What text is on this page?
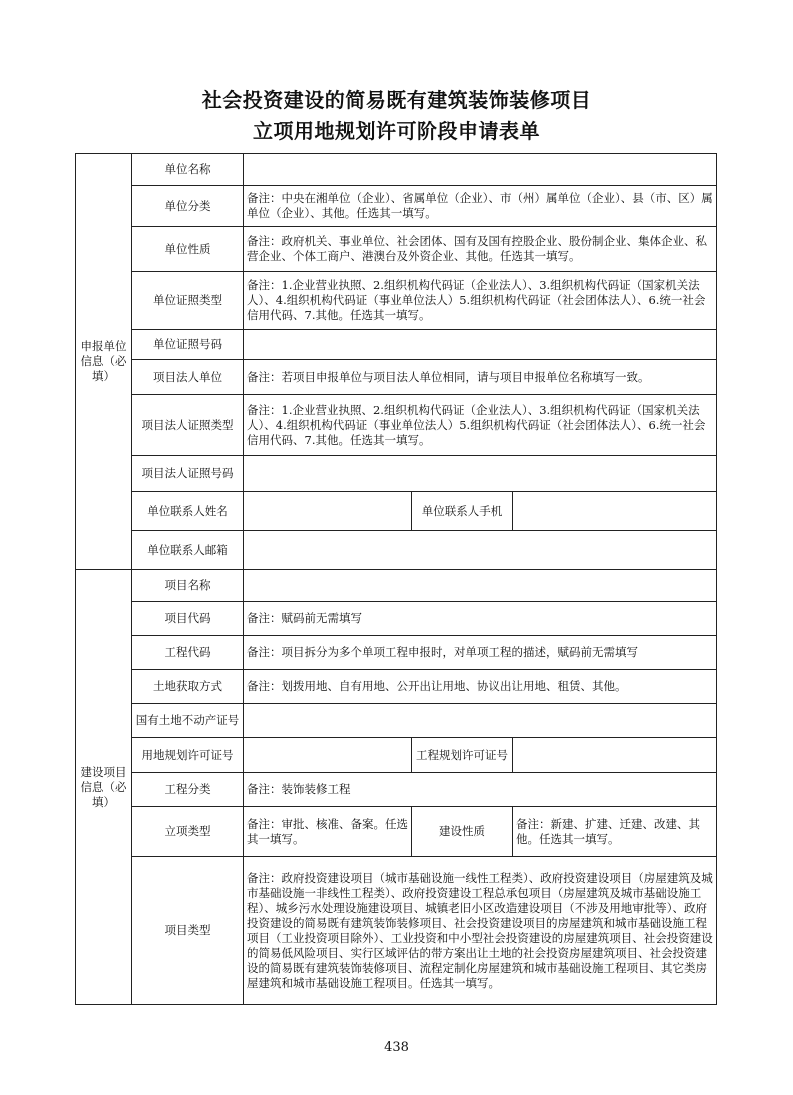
社会投资建设的简易既有建筑装饰装修项目
立项用地规划许可阶段申请表单
申报单位信息（必填）	单位名称			
	单位分类	备注：中央在湘单位（企业）、省属单位（企业）、市（州）属单位（企业）、县（市、区）属单位（企业）、其他。任选其一填写。		
	单位性质	备注：政府机关、事业单位、社会团体、国有及国有控股企业、股份制企业、集体企业、私营企业、个体工商户、港澳台及外资企业、其他。任选其一填写。		
	单位证照类型	备注：1.企业营业执照、2.组织机构代码证（企业法人）、3.组织机构代码证（国家机关法人）、4.组织机构代码证（事业单位法人）5.组织机构代码证（社会团体法人）、6.统一社会信用代码、7.其他。任选其一填写。		
	单位证照号码			
	项目法人单位	备注：若项目申报单位与项目法人单位相同，请与项目申报单位名称填写一致。		
	项目法人证照类型	备注：1.企业营业执照、2.组织机构代码证（企业法人）、3.组织机构代码证（国家机关法人）、4.组织机构代码证（事业单位法人）5.组织机构代码证（社会团体法人）、6.统一社会信用代码、7.其他。任选其一填写。		
	项目法人证照号码			
	单位联系人姓名		单位联系人手机	
	单位联系人邮箱			

建设项目信息（必填）	项目名称			
	项目代码	备注：赋码前无需填写		
	工程代码	备注：项目拆分为多个单项工程申报时，对单项工程的描述，赋码前无需填写		
	土地获取方式	备注：划拨用地、自有用地、公开出让用地、协议出让用地、租赁、其他。		
	国有土地不动产证号			
	用地规划许可证号		工程规划许可证号	
	工程分类	备注：装饰装修工程		
	立项类型	备注：审批、核准、备案。任选其一填写。	建设性质	备注：新建、扩建、迁建、改建、其他。任选其一填写。
	项目类型	备注：政府投资建设项目（城市基础设施一线性工程类）、政府投资建设项目（房屋建筑及城市基础设施一非线性工程类）、政府投资建设工程总承包项目（房屋建筑及城市基础设施工程）、城乡污水处理设施建设项目、城镇老旧小区改造建设项目（不涉及用地审批等）、政府投资建设的简易既有建筑装饰装修项目、社会投资建设项目的房屋建筑和城市基础设施工程项目（工业投资项目除外）、工业投资和中小型社会投资建设的房屋建筑项目、社会投资建设的简易低风险项目、实行区域评估的带方案出让土地的社会投资房屋建筑项目、社会投资建设的简易既有建筑装饰装修项目、流程定制化房屋建筑和城市基础设施工程项目、其它类房屋建筑和城市基础设施工程项目。任选其一填写。		
438
